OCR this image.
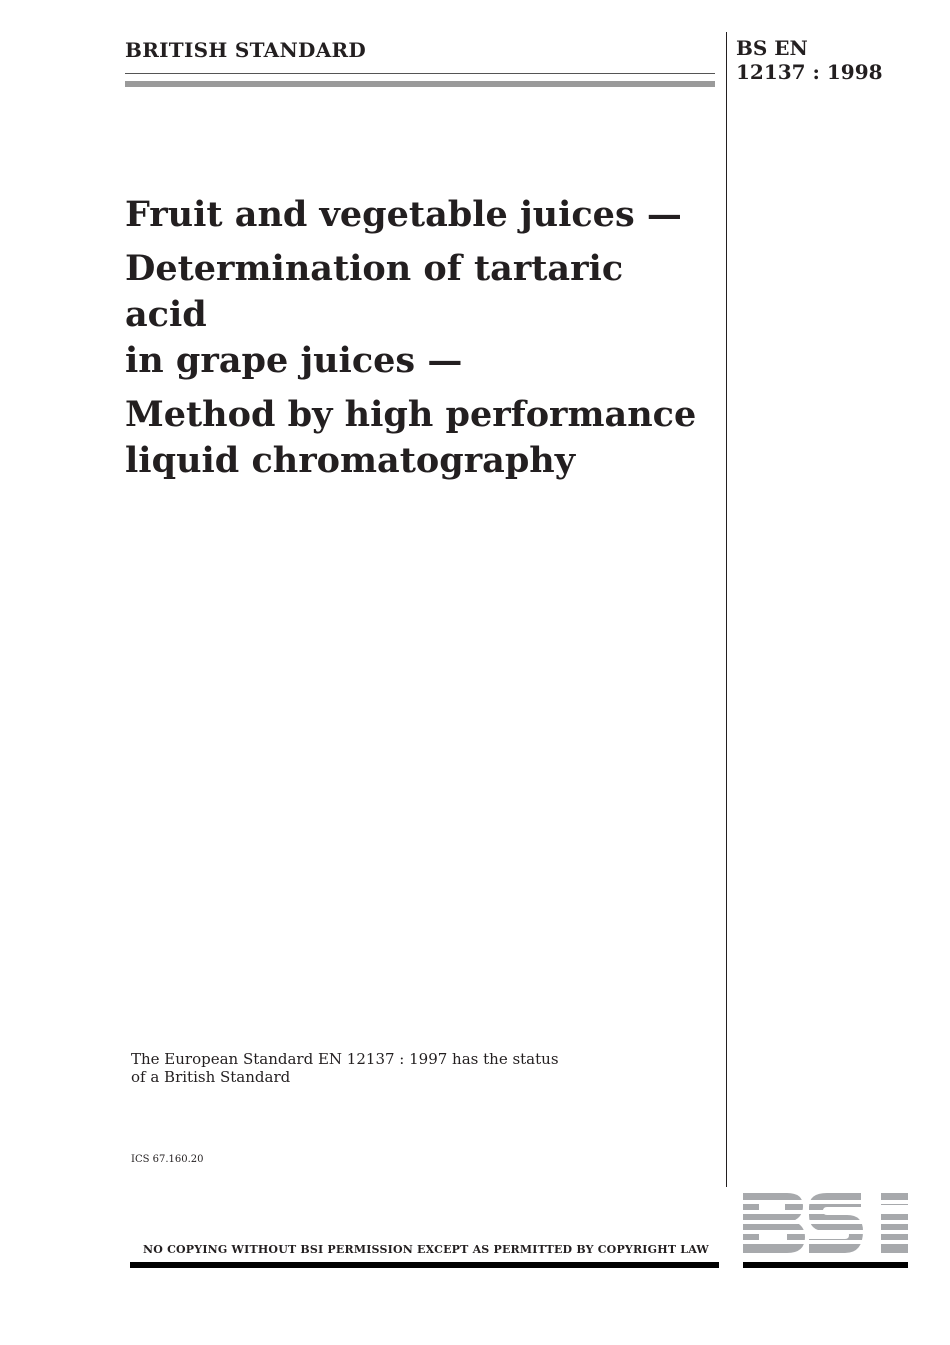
BRITISH STANDARD	BS EN
12137 : 1998
Fruit and vegetable juices —
Determination of tartaric acid
in grape juices —
Method by high performance
liquid chromatography
The European Standard EN 12137 : 1997 has the status of a British Standard
ICS 67.160.20
NO COPYING WITHOUT BSI PERMISSION EXCEPT AS PERMITTED BY COPYRIGHT LAW
